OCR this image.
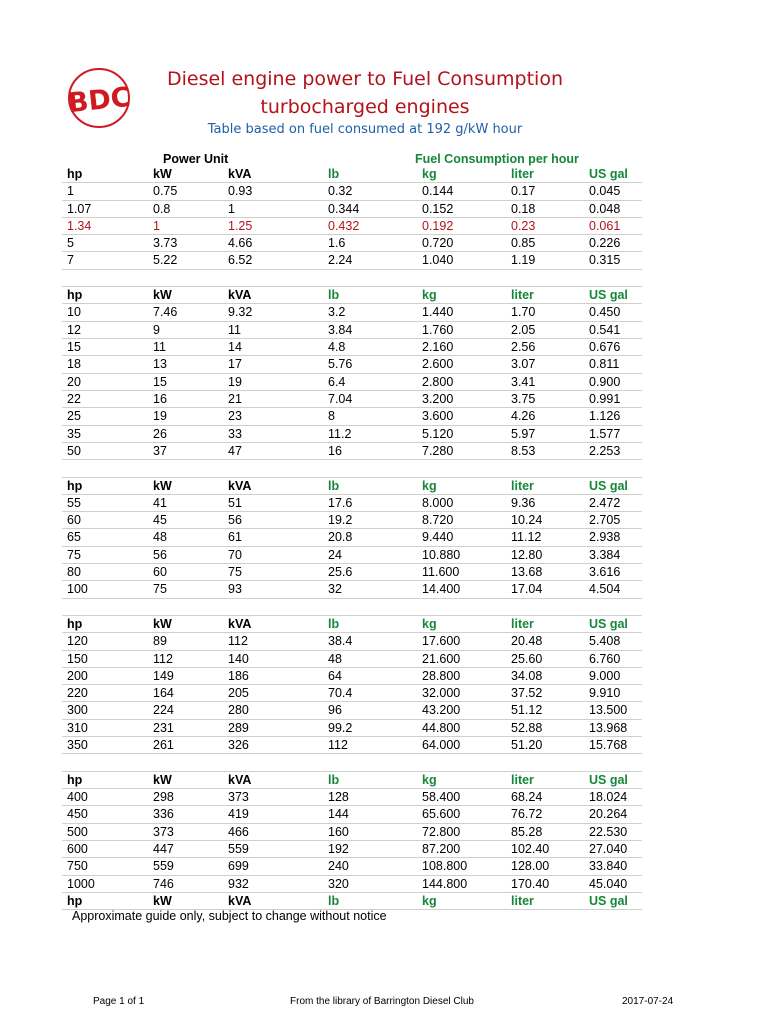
BDC
Diesel engine power to Fuel Consumption
turbocharged engines
Table based on fuel consumed at 192 g/kW hour
Power Unit	Fuel Consumption per hour
hp	kW	kVA	lb	kg	liter	US gal
1	0.75	0.93	0.32	0.144	0.17	0.045
1.07	0.8	1	0.344	0.152	0.18	0.048
1.34	1	1.25	0.432	0.192	0.23	0.061
5	3.73	4.66	1.6	0.720	0.85	0.226
7	5.22	6.52	2.24	1.040	1.19	0.315
hp	kW	kVA	lb	kg	liter	US gal
10	7.46	9.32	3.2	1.440	1.70	0.450
12	9	11	3.84	1.760	2.05	0.541
15	11	14	4.8	2.160	2.56	0.676
18	13	17	5.76	2.600	3.07	0.811
20	15	19	6.4	2.800	3.41	0.900
22	16	21	7.04	3.200	3.75	0.991
25	19	23	8	3.600	4.26	1.126
35	26	33	11.2	5.120	5.97	1.577
50	37	47	16	7.280	8.53	2.253
hp	kW	kVA	lb	kg	liter	US gal
55	41	51	17.6	8.000	9.36	2.472
60	45	56	19.2	8.720	10.24	2.705
65	48	61	20.8	9.440	11.12	2.938
75	56	70	24	10.880	12.80	3.384
80	60	75	25.6	11.600	13.68	3.616
100	75	93	32	14.400	17.04	4.504
hp	kW	kVA	lb	kg	liter	US gal
120	89	112	38.4	17.600	20.48	5.408
150	112	140	48	21.600	25.60	6.760
200	149	186	64	28.800	34.08	9.000
220	164	205	70.4	32.000	37.52	9.910
300	224	280	96	43.200	51.12	13.500
310	231	289	99.2	44.800	52.88	13.968
350	261	326	112	64.000	51.20	15.768
hp	kW	kVA	lb	kg	liter	US gal
400	298	373	128	58.400	68.24	18.024
450	336	419	144	65.600	76.72	20.264
500	373	466	160	72.800	85.28	22.530
600	447	559	192	87.200	102.40	27.040
750	559	699	240	108.800	128.00	33.840
1000	746	932	320	144.800	170.40	45.040
hp	kW	kVA	lb	kg	liter	US gal
Approximate guide only, subject to change without notice
Page 1 of 1	From the library of Barrington Diesel Club	2017-07-24
